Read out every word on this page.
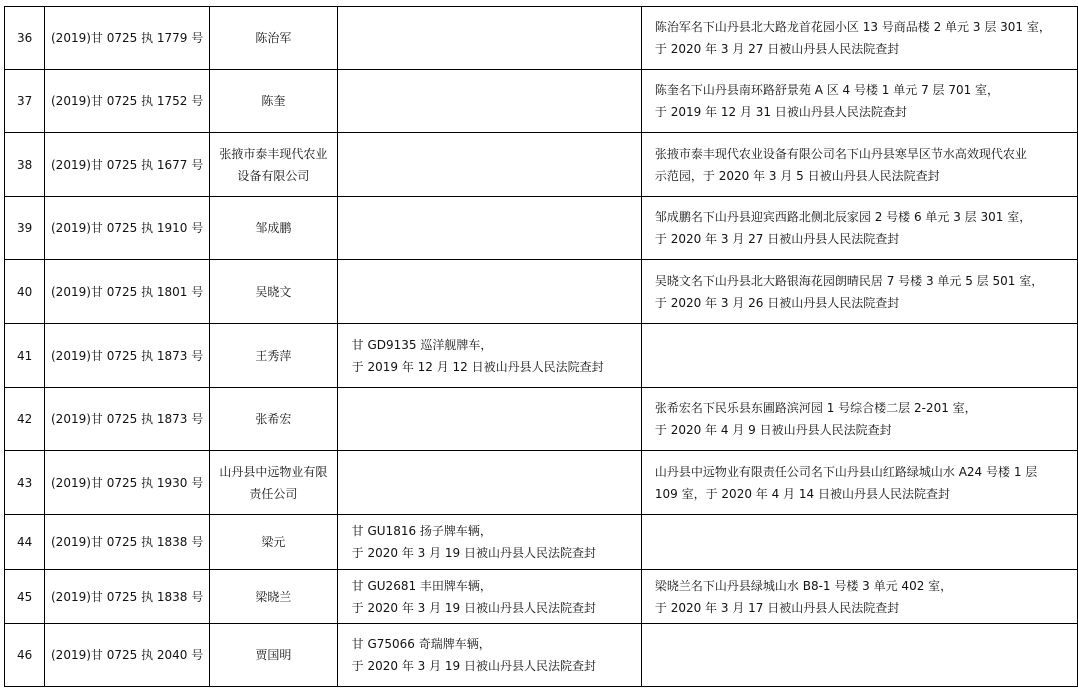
36	(2019)甘 0725 执 1779 号	陈治军		陈治军名下山丹县北大路龙首花园小区 13 号商品楼 2 单元 3 层 301 室，
于 2020 年 3 月 27 日被山丹县人民法院查封

37	(2019)甘 0725 执 1752 号	陈奎		陈奎名下山丹县南环路舒景苑 A 区 4 号楼 1 单元 7 层 701 室，
于 2019 年 12 月 31 日被山丹县人民法院查封

38	(2019)甘 0725 执 1677 号	张掖市泰丰现代农业
设备有限公司		张掖市泰丰现代农业设备有限公司名下山丹县寒旱区节水高效现代农业
示范园，于 2020 年 3 月 5 日被山丹县人民法院查封

39	(2019)甘 0725 执 1910 号	邹成鹏		邹成鹏名下山丹县迎宾西路北侧北辰家园 2 号楼 6 单元 3 层 301 室，
于 2020 年 3 月 27 日被山丹县人民法院查封

40	(2019)甘 0725 执 1801 号	吴晓文		吴晓文名下山丹县北大路银海花园朗晴民居 7 号楼 3 单元 5 层 501 室，
于 2020 年 3 月 26 日被山丹县人民法院查封

41	(2019)甘 0725 执 1873 号	王秀萍	甘 GD9135 巡洋舰牌车，
于 2019 年 12 月 12 日被山丹县人民法院查封	

42	(2019)甘 0725 执 1873 号	张希宏		张希宏名下民乐县东圃路滨河园 1 号综合楼二层 2-201 室，
于 2020 年 4 月 9 日被山丹县人民法院查封

43	(2019)甘 0725 执 1930 号	山丹县中远物业有限
责任公司		山丹县中远物业有限责任公司名下山丹县山红路绿城山水 A24 号楼 1 层
109 室，于 2020 年 4 月 14 日被山丹县人民法院查封

44	(2019)甘 0725 执 1838 号	梁元	甘 GU1816 扬子牌车辆，
于 2020 年 3 月 19 日被山丹县人民法院查封	

45	(2019)甘 0725 执 1838 号	梁晓兰	甘 GU2681 丰田牌车辆，
于 2020 年 3 月 19 日被山丹县人民法院查封	梁晓兰名下山丹县绿城山水 B8-1 号楼 3 单元 402 室，
于 2020 年 3 月 17 日被山丹县人民法院查封

46	(2019)甘 0725 执 2040 号	贾国明	甘 G75066 奇瑞牌车辆，
于 2020 年 3 月 19 日被山丹县人民法院查封	
